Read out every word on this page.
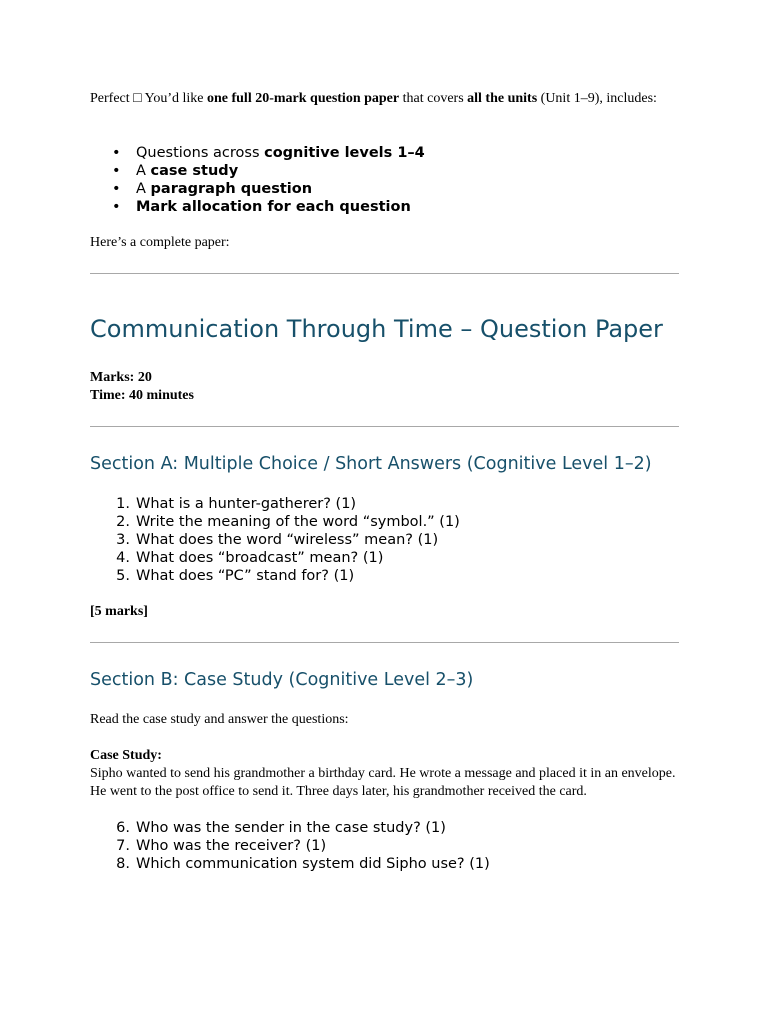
Perfect □ You’d like one full 20-mark question paper that covers all the units (Unit 1–9), includes:

• Questions across cognitive levels 1–4
• A case study
• A paragraph question
• Mark allocation for each question

Here’s a complete paper:

Communication Through Time – Question Paper

Marks: 20

Time: 40 minutes

Section A: Multiple Choice / Short Answers (Cognitive Level 1–2)
1. What is a hunter-gatherer? (1)
2. Write the meaning of the word “symbol.” (1)
3. What does the word “wireless” mean? (1)
4. What does “broadcast” mean? (1)
5. What does “PC” stand for? (1)

[5 marks]

Section B: Case Study (Cognitive Level 2–3)

Read the case study and answer the questions:

Case Study:

Sipho wanted to send his grandmother a birthday card. He wrote a message and placed it in an envelope. He went to the post office to send it. Three days later, his grandmother received the card.

6. Who was the sender in the case study? (1)
7. Who was the receiver? (1)
8. Which communication system did Sipho use? (1)
